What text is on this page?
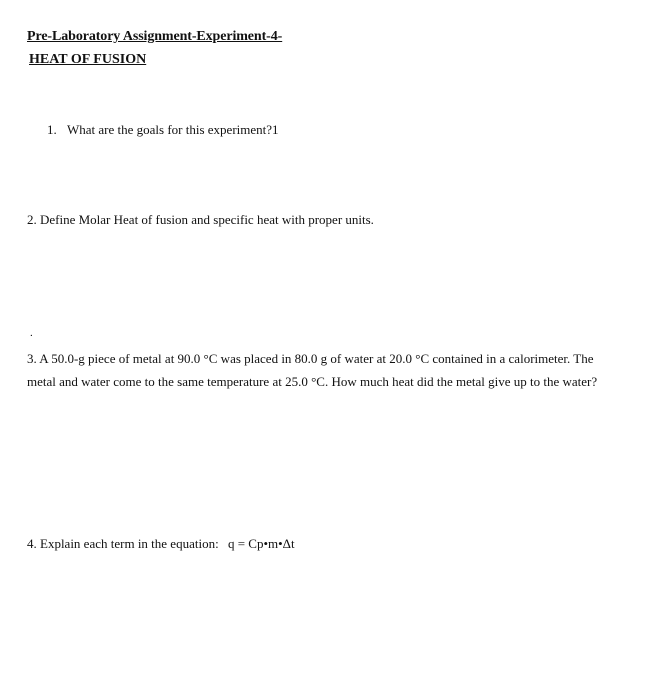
Pre-Laboratory Assignment-Experiment-4-
HEAT OF FUSION
1. What are the goals for this experiment?1
2. Define Molar Heat of fusion and specific heat with proper units.
.
3. A 50.0-g piece of metal at 90.0 °C was placed in 80.0 g of water at 20.0 °C contained in a calorimeter. The
metal and water come to the same temperature at 25.0 °C. How much heat did the metal give up to the water?
4. Explain each term in the equation: q = Cp•m•Δt
